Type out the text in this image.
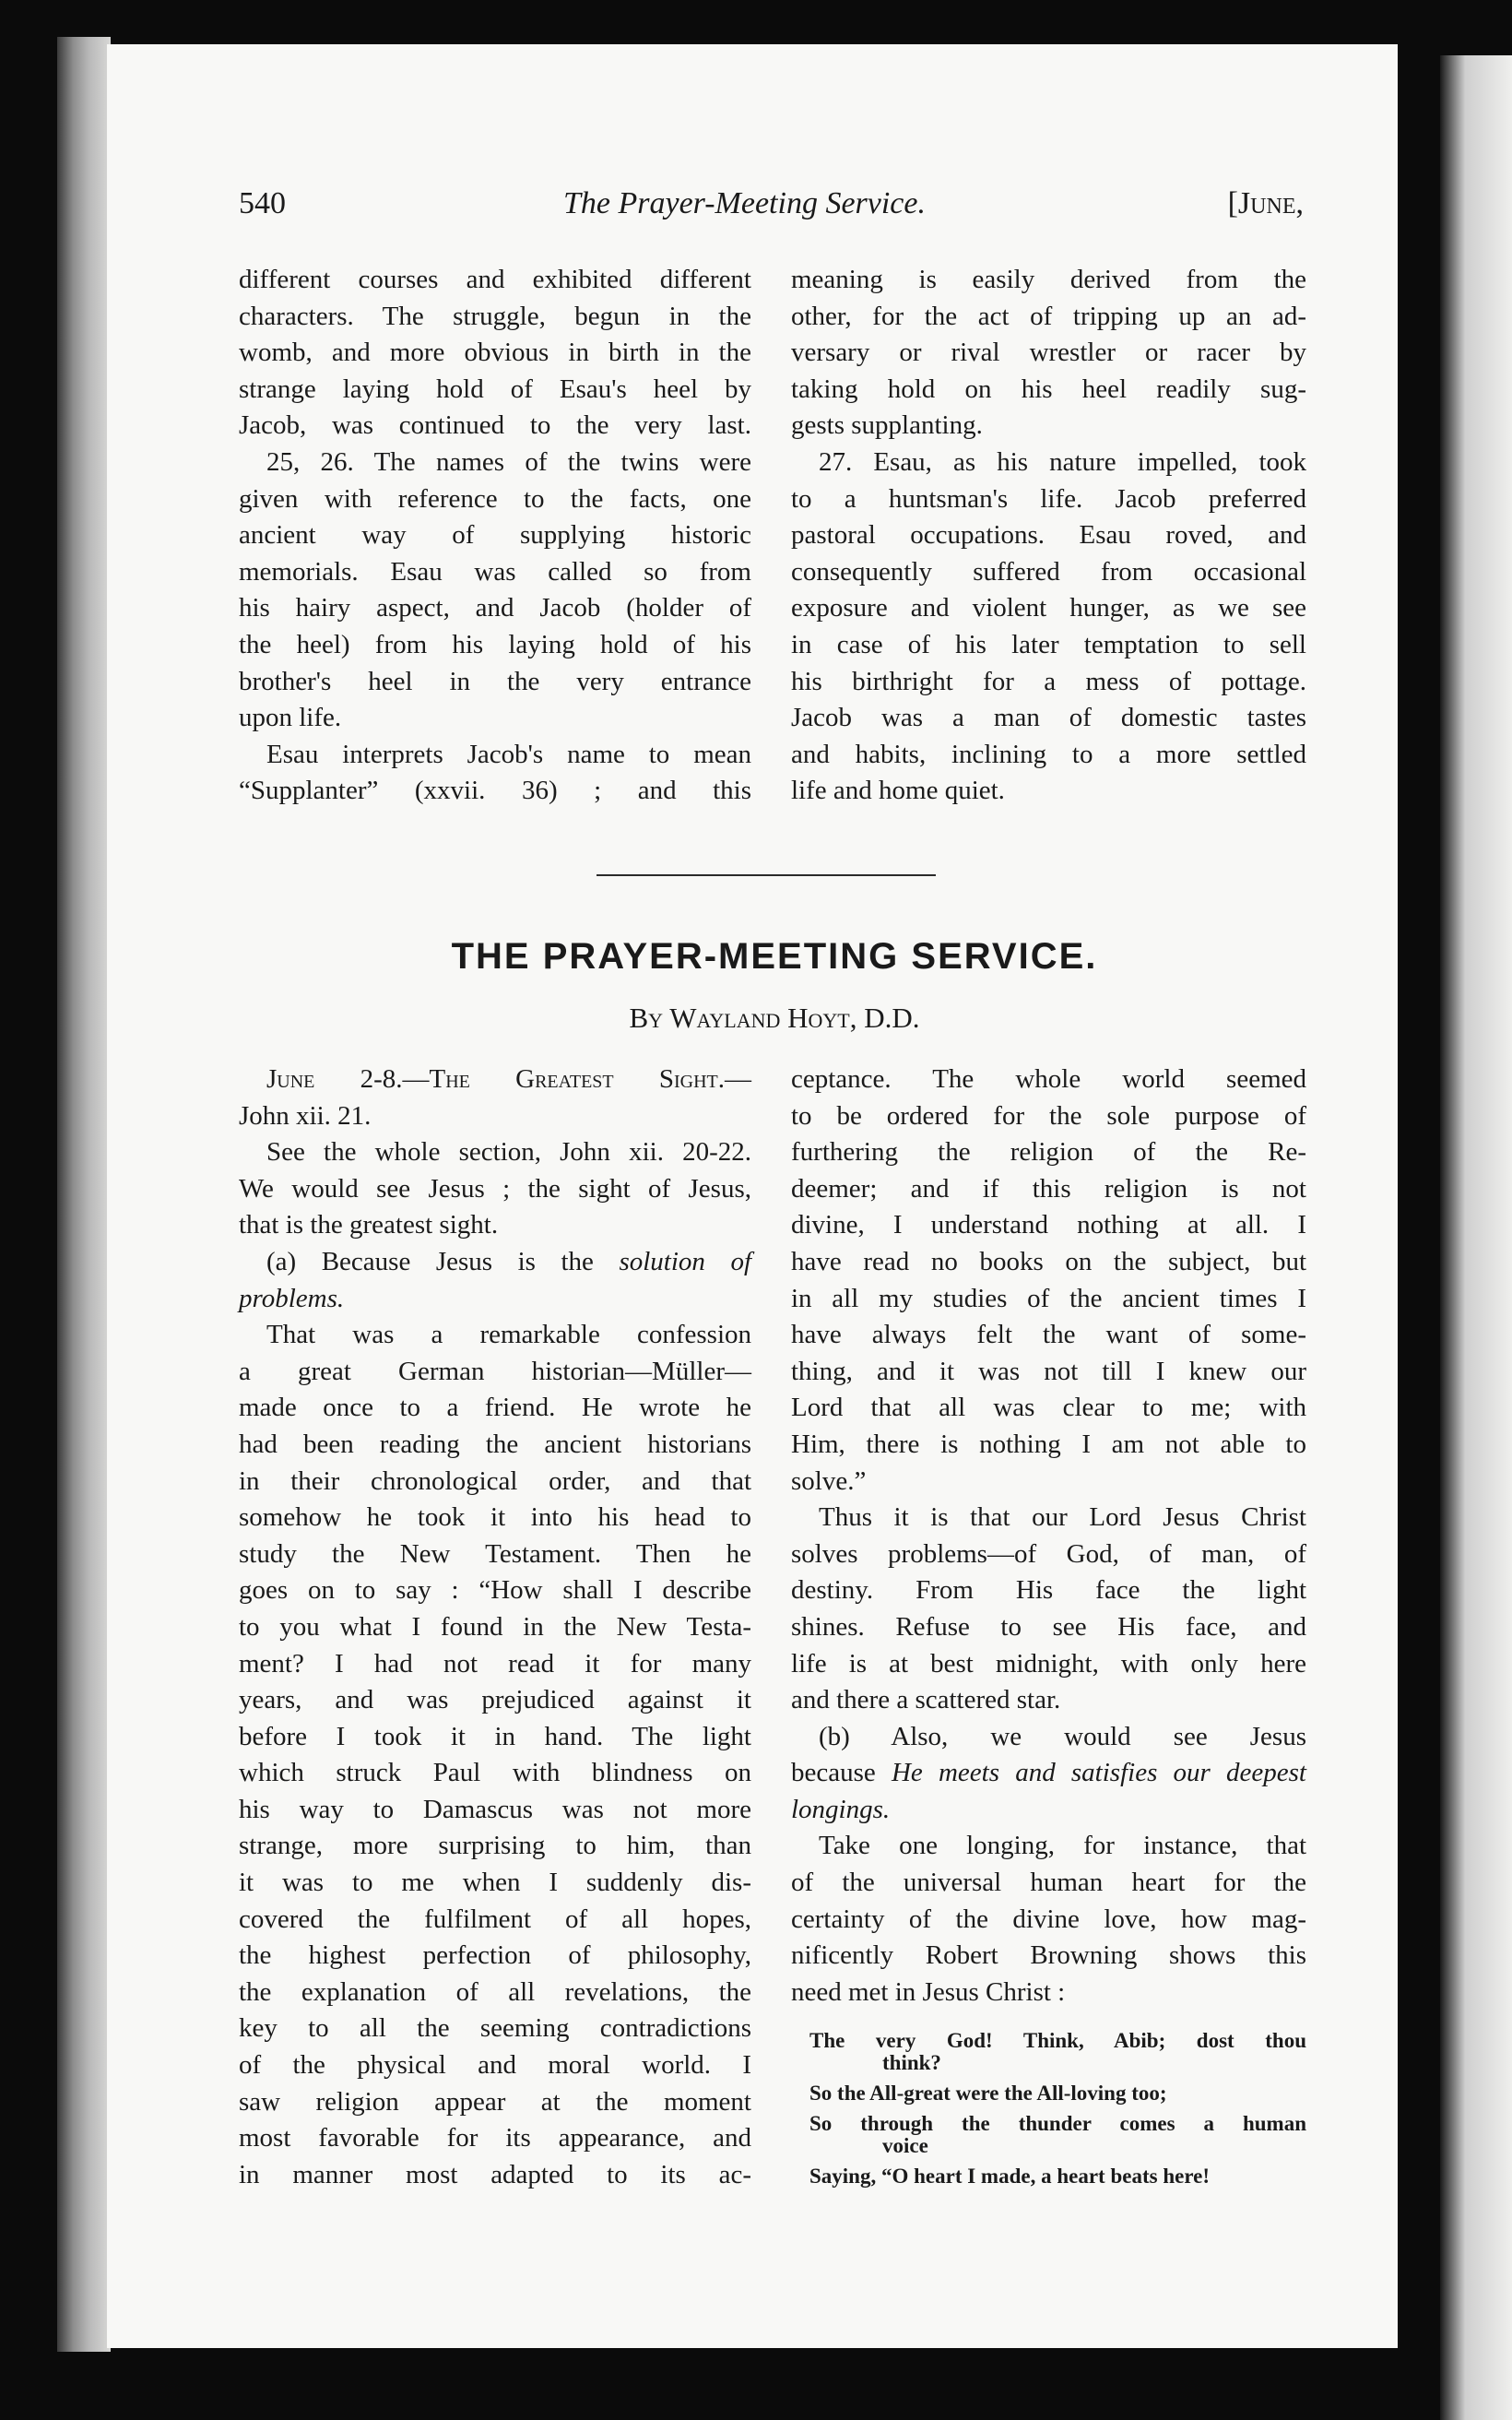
540	The Prayer-Meeting Service.	[June,
different courses and exhibited different
characters. The struggle, begun in the
womb, and more obvious in birth in the
strange laying hold of Esau's heel by
Jacob, was continued to the very last.
25, 26. The names of the twins were
given with reference to the facts, one
ancient way of supplying historic
memorials. Esau was called so from
his hairy aspect, and Jacob (holder of
the heel) from his laying hold of his
brother's heel in the very entrance
upon life.
Esau interprets Jacob's name to mean
“Supplanter” (xxvii. 36) ; and this
meaning is easily derived from the
other, for the act of tripping up an ad-
versary or rival wrestler or racer by
taking hold on his heel readily sug-
gests supplanting.
27. Esau, as his nature impelled, took
to a huntsman's life. Jacob preferred
pastoral occupations. Esau roved, and
consequently suffered from occasional
exposure and violent hunger, as we see
in case of his later temptation to sell
his birthright for a mess of pottage.
Jacob was a man of domestic tastes
and habits, inclining to a more settled
life and home quiet.
THE PRAYER-MEETING SERVICE.
By Wayland Hoyt, D.D.
June 2-8.—The Greatest Sight.—
John xii. 21.
See the whole section, John xii. 20-22.
We would see Jesus ; the sight of Jesus,
that is the greatest sight.
(a) Because Jesus is the solution of
problems.
That was a remarkable confession
a great German historian—Müller—
made once to a friend. He wrote he
had been reading the ancient historians
in their chronological order, and that
somehow he took it into his head to
study the New Testament. Then he
goes on to say : “How shall I describe
to you what I found in the New Testa-
ment? I had not read it for many
years, and was prejudiced against it
before I took it in hand. The light
which struck Paul with blindness on
his way to Damascus was not more
strange, more surprising to him, than
it was to me when I suddenly dis-
covered the fulfilment of all hopes,
the highest perfection of philosophy,
the explanation of all revelations, the
key to all the seeming contradictions
of the physical and moral world. I
saw religion appear at the moment
most favorable for its appearance, and
in manner most adapted to its ac-
ceptance. The whole world seemed
to be ordered for the sole purpose of
furthering the religion of the Re-
deemer; and if this religion is not
divine, I understand nothing at all. I
have read no books on the subject, but
in all my studies of the ancient times I
have always felt the want of some-
thing, and it was not till I knew our
Lord that all was clear to me; with
Him, there is nothing I am not able to
solve.”
Thus it is that our Lord Jesus Christ
solves problems—of God, of man, of
destiny. From His face the light
shines. Refuse to see His face, and
life is at best midnight, with only here
and there a scattered star.
(b) Also, we would see Jesus
because He meets and satisfies our deepest
longings.
Take one longing, for instance, that
of the universal human heart for the
certainty of the divine love, how mag-
nificently Robert Browning shows this
need met in Jesus Christ :
The very God! Think, Abib; dost thou
think?
So the All-great were the All-loving too;
So through the thunder comes a human
voice
Saying, “O heart I made, a heart beats here!
